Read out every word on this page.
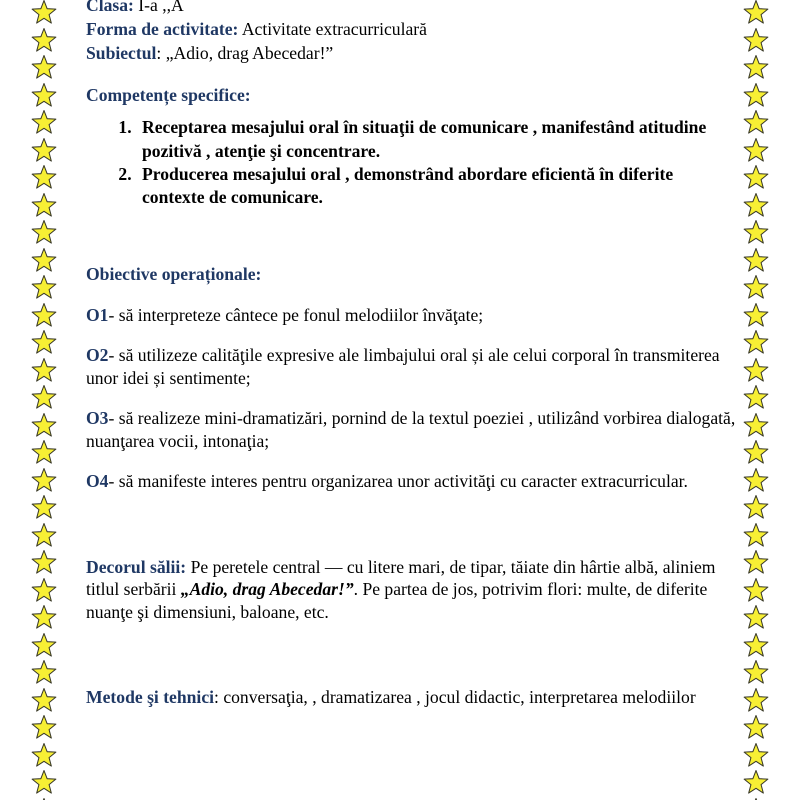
Clasa: I-a ,,A
Forma de activitate: Activitate extracurriculară
Subiectul: „Adio, drag Abecedar!”
Competențe specifice:
1. Receptarea mesajului oral în situaţii de comunicare , manifestând atitudine pozitivă , atenţie şi concentrare.
2. Producerea mesajului oral , demonstrând abordare eficientă în diferite contexte de comunicare.
Obiective operaționale:

O1- să interpreteze cântece pe fonul melodiilor învăţate;

O2- să utilizeze calităţile expresive ale limbajului oral și ale celui corporal în transmiterea unor idei și sentimente;

O3- să realizeze mini-dramatizări, pornind de la textul poeziei , utilizând vorbirea dialogată, nuanţarea vocii, intonaţia;

O4- să manifeste interes pentru organizarea unor activităţi cu caracter extracurricular.

Decorul sălii: Pe peretele central — cu litere mari, de tipar, tăiate din hârtie albă, aliniem titlul serbării „Adio, drag Abecedar!”. Pe partea de jos, potrivim flori: multe, de diferite nuanţe şi dimensiuni, baloane, etc.

Metode şi tehnici: conversaţia, , dramatizarea , jocul didactic, interpretarea melodiilor
